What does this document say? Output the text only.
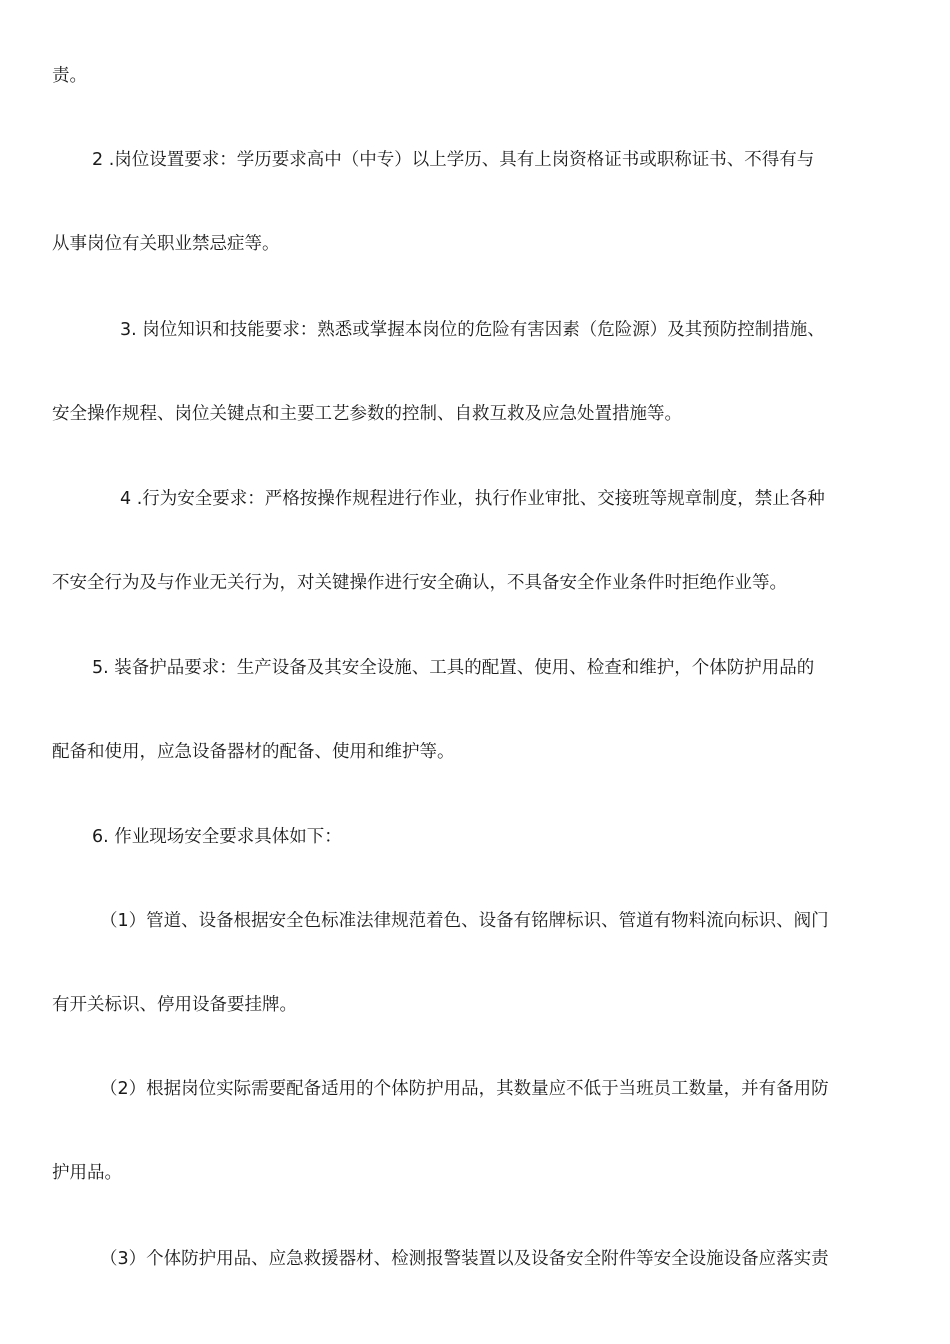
责。
2 .岗位设置要求：学历要求高中（中专）以上学历、具有上岗资格证书或职称证书、不得有与
从事岗位有关职业禁忌症等。
3. 岗位知识和技能要求：熟悉或掌握本岗位的危险有害因素（危险源）及其预防控制措施、
安全操作规程、岗位关键点和主要工艺参数的控制、自救互救及应急处置措施等。
4 .行为安全要求：严格按操作规程进行作业，执行作业审批、交接班等规章制度，禁止各种
不安全行为及与作业无关行为，对关键操作进行安全确认，不具备安全作业条件时拒绝作业等。
5. 装备护品要求：生产设备及其安全设施、工具的配置、使用、检查和维护，个体防护用品的
配备和使用，应急设备器材的配备、使用和维护等。
6. 作业现场安全要求具体如下：
（1）管道、设备根据安全色标准法律规范着色、设备有铭牌标识、管道有物料流向标识、阀门
有开关标识、停用设备要挂牌。
（2）根据岗位实际需要配备适用的个体防护用品，其数量应不低于当班员工数量，并有备用防
护用品。
（3）个体防护用品、应急救援器材、检测报警装置以及设备安全附件等安全设施设备应落实责
